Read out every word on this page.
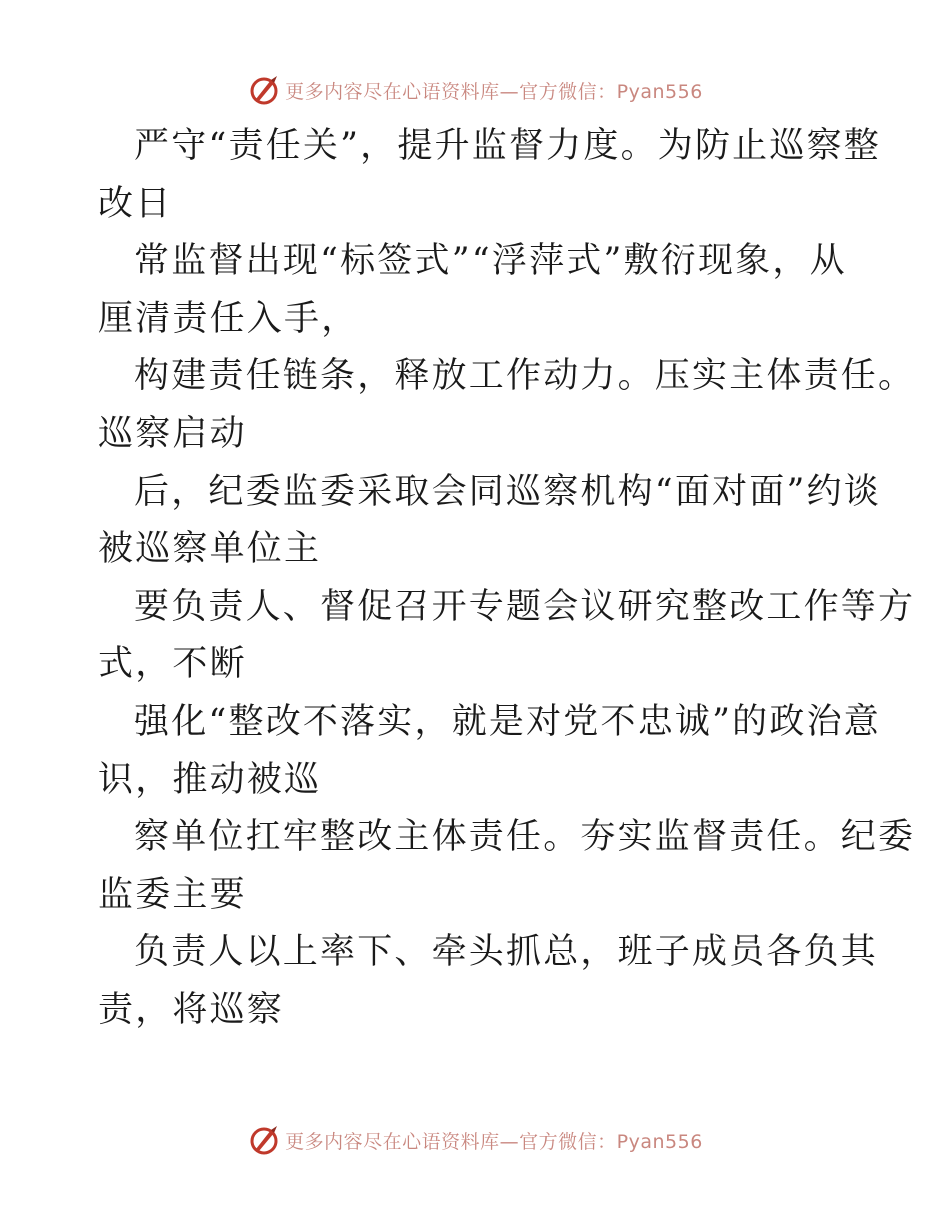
更多内容尽在心语资料库—官方微信：Pyan556
严守“责任关”，提升监督力度。为防止巡察整
改日
常监督出现“标签式”“浮萍式”敷衍现象，从
厘清责任入手，
构建责任链条，释放工作动力。压实主体责任。
巡察启动
后，纪委监委采取会同巡察机构“面对面”约谈
被巡察单位主
要负责人、督促召开专题会议研究整改工作等方
式，不断
强化“整改不落实，就是对党不忠诚”的政治意
识，推动被巡
察单位扛牢整改主体责任。夯实监督责任。纪委
监委主要
负责人以上率下、牵头抓总，班子成员各负其
责，将巡察
更多内容尽在心语资料库—官方微信：Pyan556
